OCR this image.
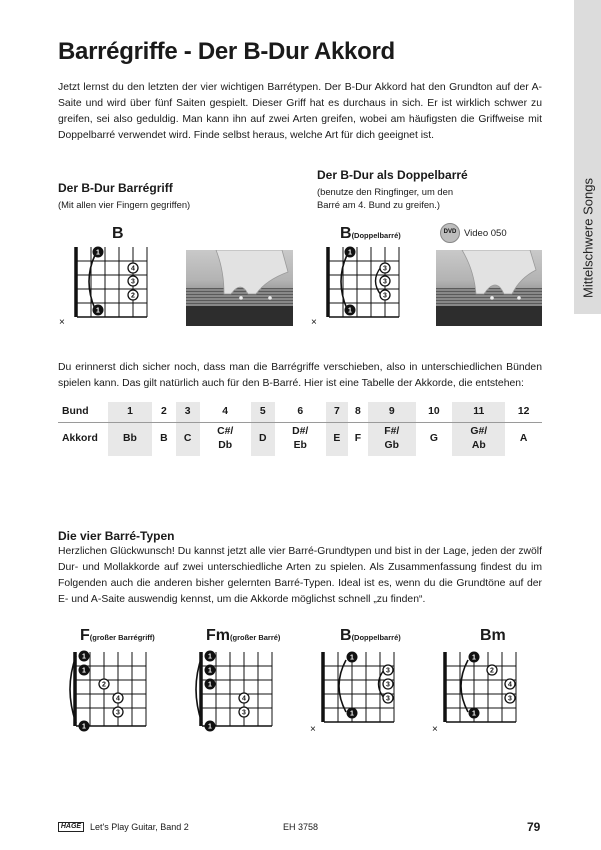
Barrégriffe - Der B-Dur Akkord

Jetzt lernst du den letzten der vier wichtigen Barrétypen. Der B-Dur Akkord hat den Grundton auf der A-Saite und wird über fünf Saiten gespielt. Dieser Griff hat es durchaus in sich. Er ist wirklich schwer zu greifen, sei also geduldig. Man kann ihn auf zwei Arten greifen, wobei am häufigsten die Griffweise mit Doppelbarré verwendet wird. Finde selbst heraus, welche Art für dich geeignet ist.

Mittelschwere Songs
Der B-Dur Barrégriff
(Mit allen vier Fingern gegriffen)
B
1
1
4
3
2
×
Der B-Dur als Doppelbarré
(benutze den Ringfinger, um den
Barré am 4. Bund zu greifen.)
B(Doppelbarré)	DVD Video 050
1
1
3
3
3
×

Du erinnerst dich sicher noch, dass man die Barrégriffe verschieben, also in unterschiedlichen Bünden spielen kann. Das gilt natürlich auch für den B-Barré. Hier ist eine Tabelle der Akkorde, die entstehen:

Bund	1	2	3	4	5	6	7	8	9	10	11	12
Akkord	Bb	B	C	C#/
Db	D	D#/
Eb	E	F	F#/
Gb	G	G#/
Ab	A
Die vier Barré-Typen

Herzlichen Glückwunsch! Du kannst jetzt alle vier Barré-Grundtypen und bist in der Lage, jeden der zwölf Dur- und Mollakkorde auf zwei unterschiedliche Arten zu spielen. Als Zusammenfassung findest du im Folgenden auch die anderen bisher gelernten Barré-Typen. Ideal ist es, wenn du die Grundtöne auf der E- und A-Saite auswendig kennst, um die Akkorde möglichst schnell „zu finden“.

F(großer Barrégriff)	Fm(großer Barré)	B(Doppelbarré)	Bm
1
1
2
4
3
1
1
1
1
4
3
1
1
1
3
3
3
×
1
1
2
4
3
×
HAGE Let's Play Guitar, Band 2	EH 3758	79
